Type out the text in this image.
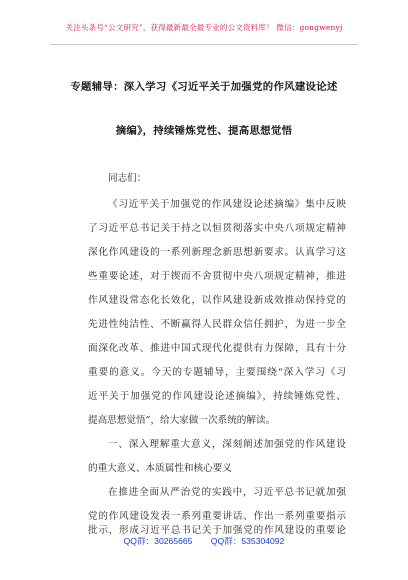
关注头条号“公文研究”，获得最新最全最专业的公文资料库！ 微信：gongwenyj
专题辅导：深入学习《习近平关于加强党的作风建设论述
摘编》，持续锤炼党性、提高思想觉悟
同志们：
《习近平关于加强党的作风建设论述摘编》集中反映
了习近平总书记关于持之以恒贯彻落实中央八项规定精神
深化作风建设的一系列新理念新思想新要求。认真学习这
些重要论述，对于锲而不舍贯彻中央八项规定精神，推进
作风建设常态化长效化，以作风建设新成效推动保持党的
先进性纯洁性、不断赢得人民群众信任拥护，为进一步全
面深化改革、推进中国式现代化提供有力保障，具有十分
重要的意义。今天的专题辅导，主要围绕“深入学习《习
近平关于加强党的作风建设论述摘编》，持续锤炼党性、
提高思想觉悟”，给大家做一次系统的解读。
一、深入理解重大意义，深刻阐述加强党的作风建设
的重大意义、本质属性和核心要义
在推进全面从严治党的实践中，习近平总书记就加强
党的作风建设发表一系列重要讲话、作出一系列重要指示
QQ群：30265665 QQ群：535304092
批示，形成习近平总书记关于加强党的作风建设的重要论
